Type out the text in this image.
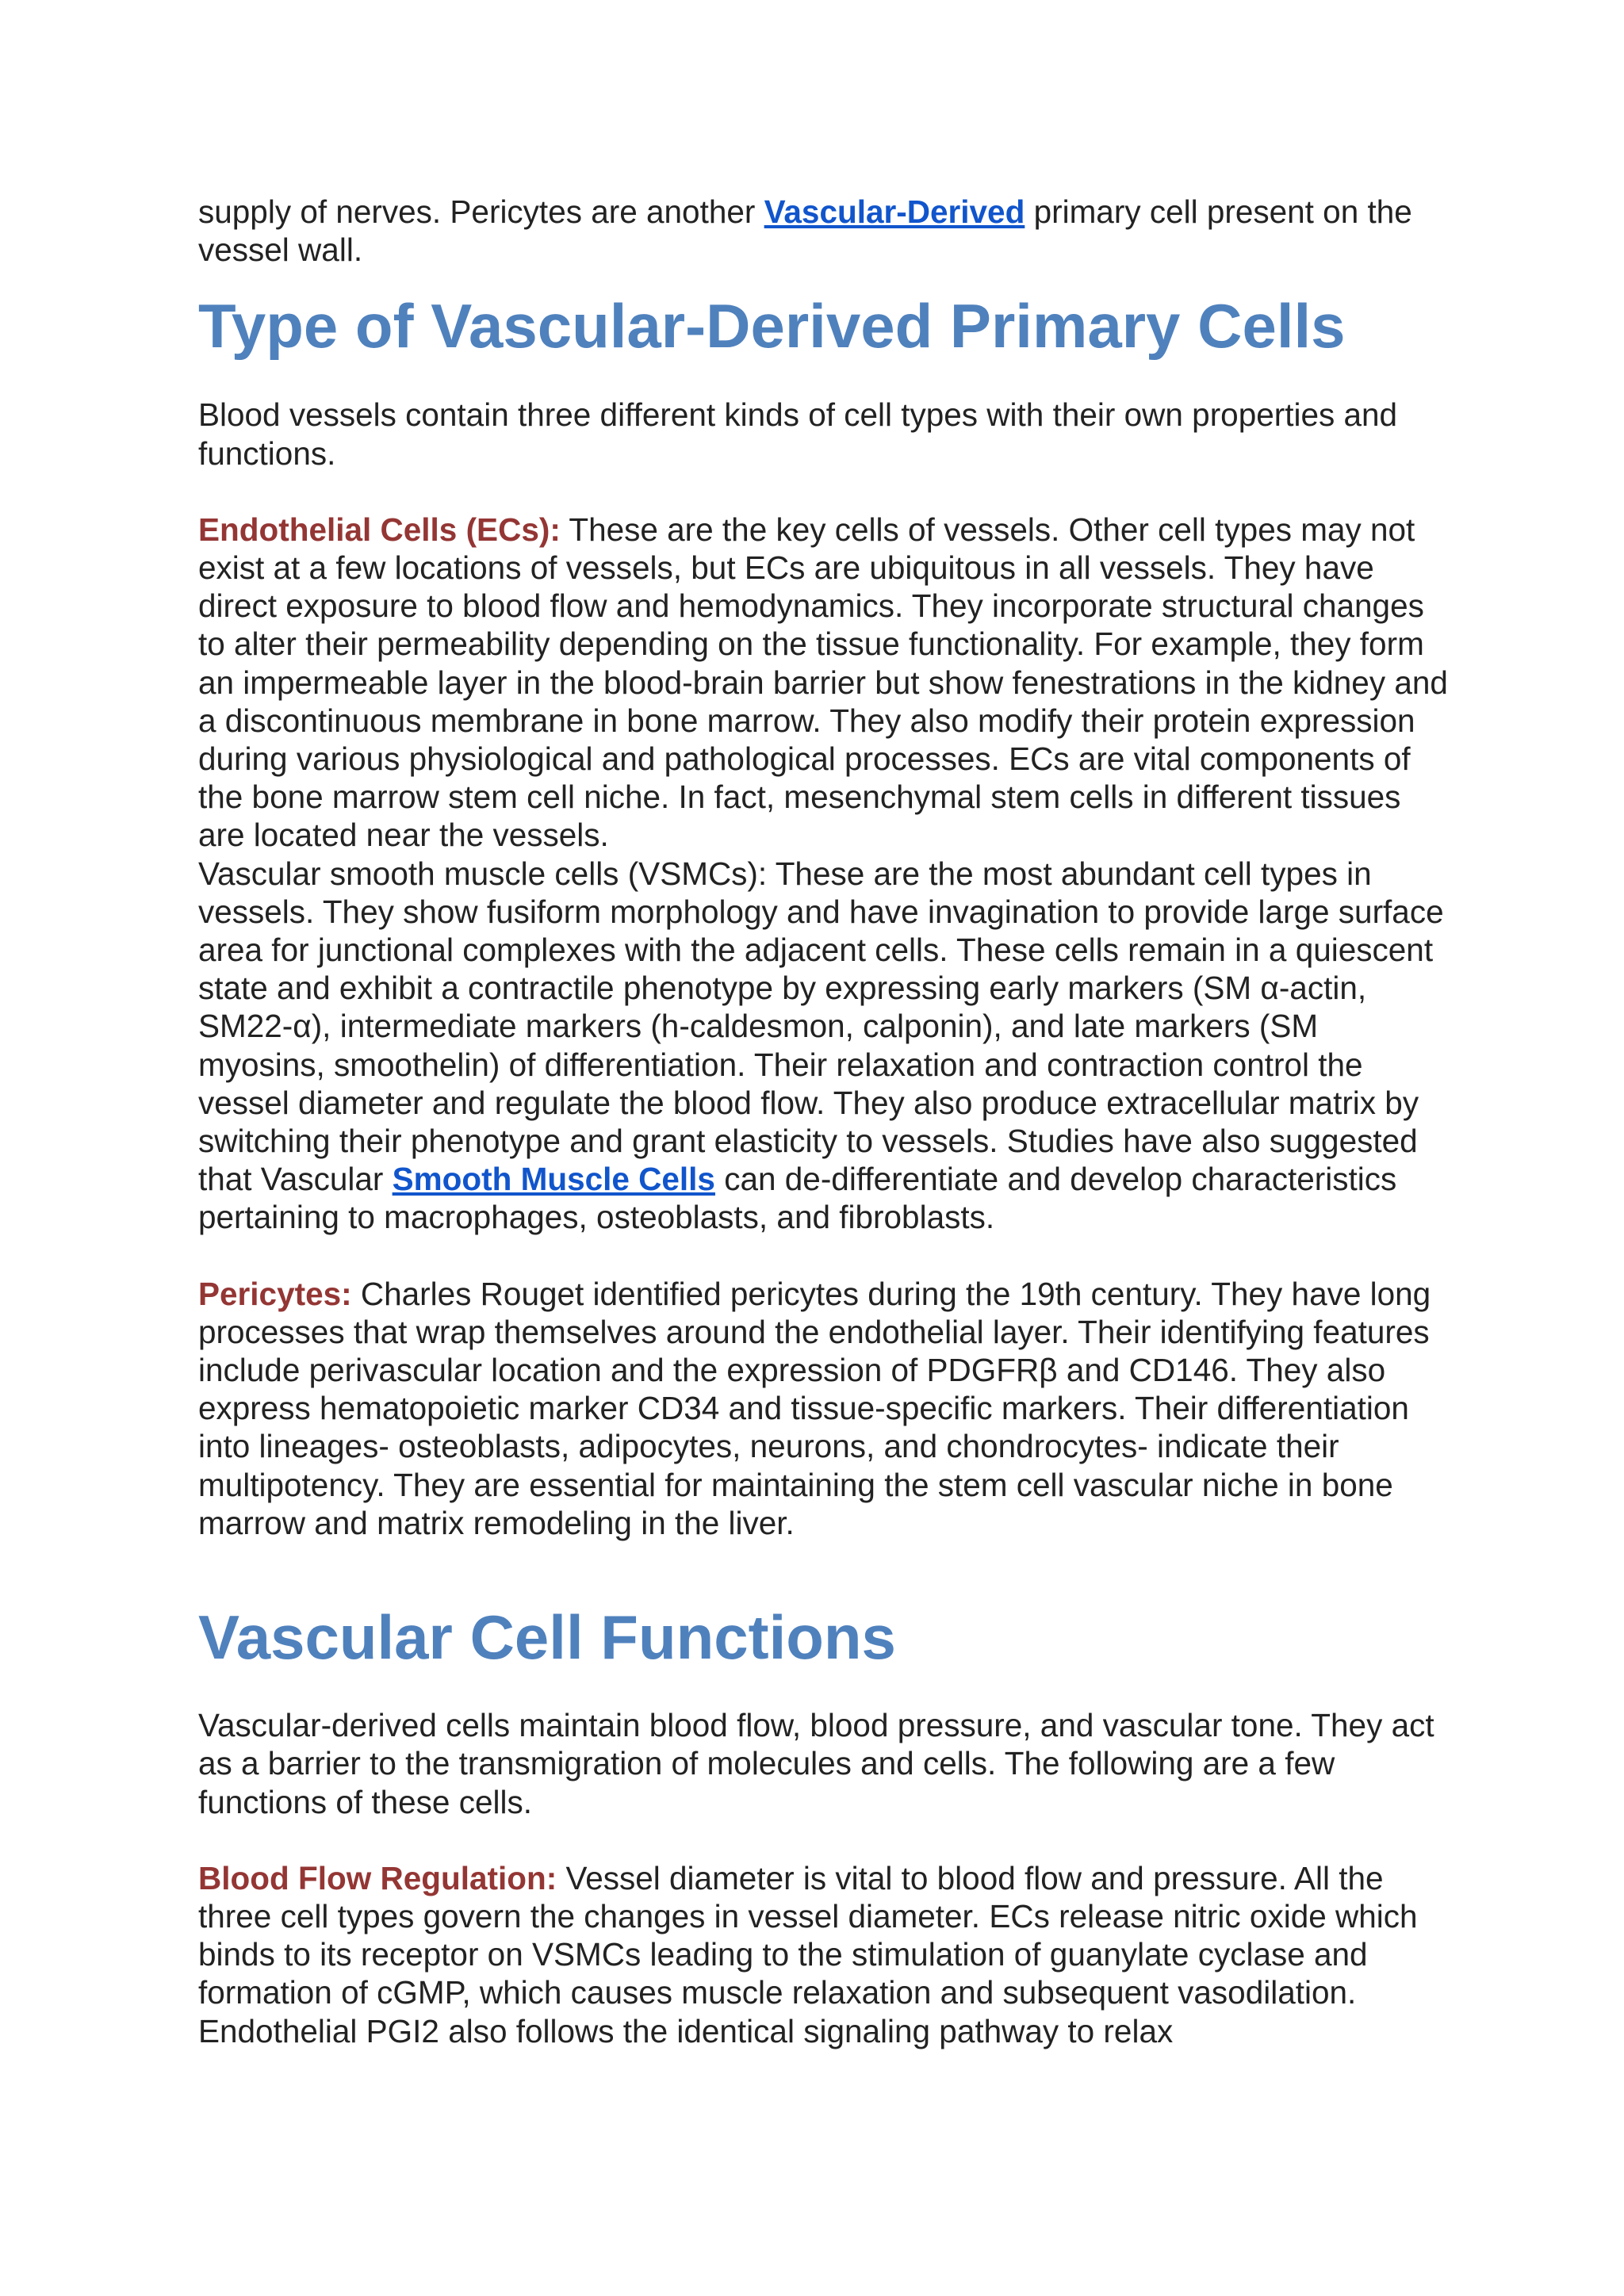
supply of nerves. Pericytes are another Vascular-Derived primary cell present on the vessel wall.

Type of Vascular-Derived Primary Cells

Blood vessels contain three different kinds of cell types with their own properties and functions.

Endothelial Cells (ECs): These are the key cells of vessels. Other cell types may not exist at a few locations of vessels, but ECs are ubiquitous in all vessels. They have direct exposure to blood flow and hemodynamics. They incorporate structural changes to alter their permeability depending on the tissue functionality. For example, they form an impermeable layer in the blood-brain barrier but show fenestrations in the kidney and a discontinuous membrane in bone marrow. They also modify their protein expression during various physiological and pathological processes. ECs are vital components of the bone marrow stem cell niche. In fact, mesenchymal stem cells in different tissues are located near the vessels.

Vascular smooth muscle cells (VSMCs): These are the most abundant cell types in vessels. They show fusiform morphology and have invagination to provide large surface area for junctional complexes with the adjacent cells. These cells remain in a quiescent state and exhibit a contractile phenotype by expressing early markers (SM α-actin, SM22-α), intermediate markers (h-caldesmon, calponin), and late markers (SM myosins, smoothelin) of differentiation. Their relaxation and contraction control the vessel diameter and regulate the blood flow. They also produce extracellular matrix by switching their phenotype and grant elasticity to vessels. Studies have also suggested that Vascular Smooth Muscle Cells can de-differentiate and develop characteristics pertaining to macrophages, osteoblasts, and fibroblasts.

Pericytes: Charles Rouget identified pericytes during the 19th century. They have long processes that wrap themselves around the endothelial layer. Their identifying features include perivascular location and the expression of PDGFRβ and CD146. They also express hematopoietic marker CD34 and tissue-specific markers. Their differentiation into lineages- osteoblasts, adipocytes, neurons, and chondrocytes- indicate their multipotency. They are essential for maintaining the stem cell vascular niche in bone marrow and matrix remodeling in the liver.

Vascular Cell Functions

Vascular-derived cells maintain blood flow, blood pressure, and vascular tone. They act as a barrier to the transmigration of molecules and cells. The following are a few functions of these cells.

Blood Flow Regulation: Vessel diameter is vital to blood flow and pressure. All the three cell types govern the changes in vessel diameter. ECs release nitric oxide which binds to its receptor on VSMCs leading to the stimulation of guanylate cyclase and formation of cGMP, which causes muscle relaxation and subsequent vasodilation. Endothelial PGI2 also follows the identical signaling pathway to relax
